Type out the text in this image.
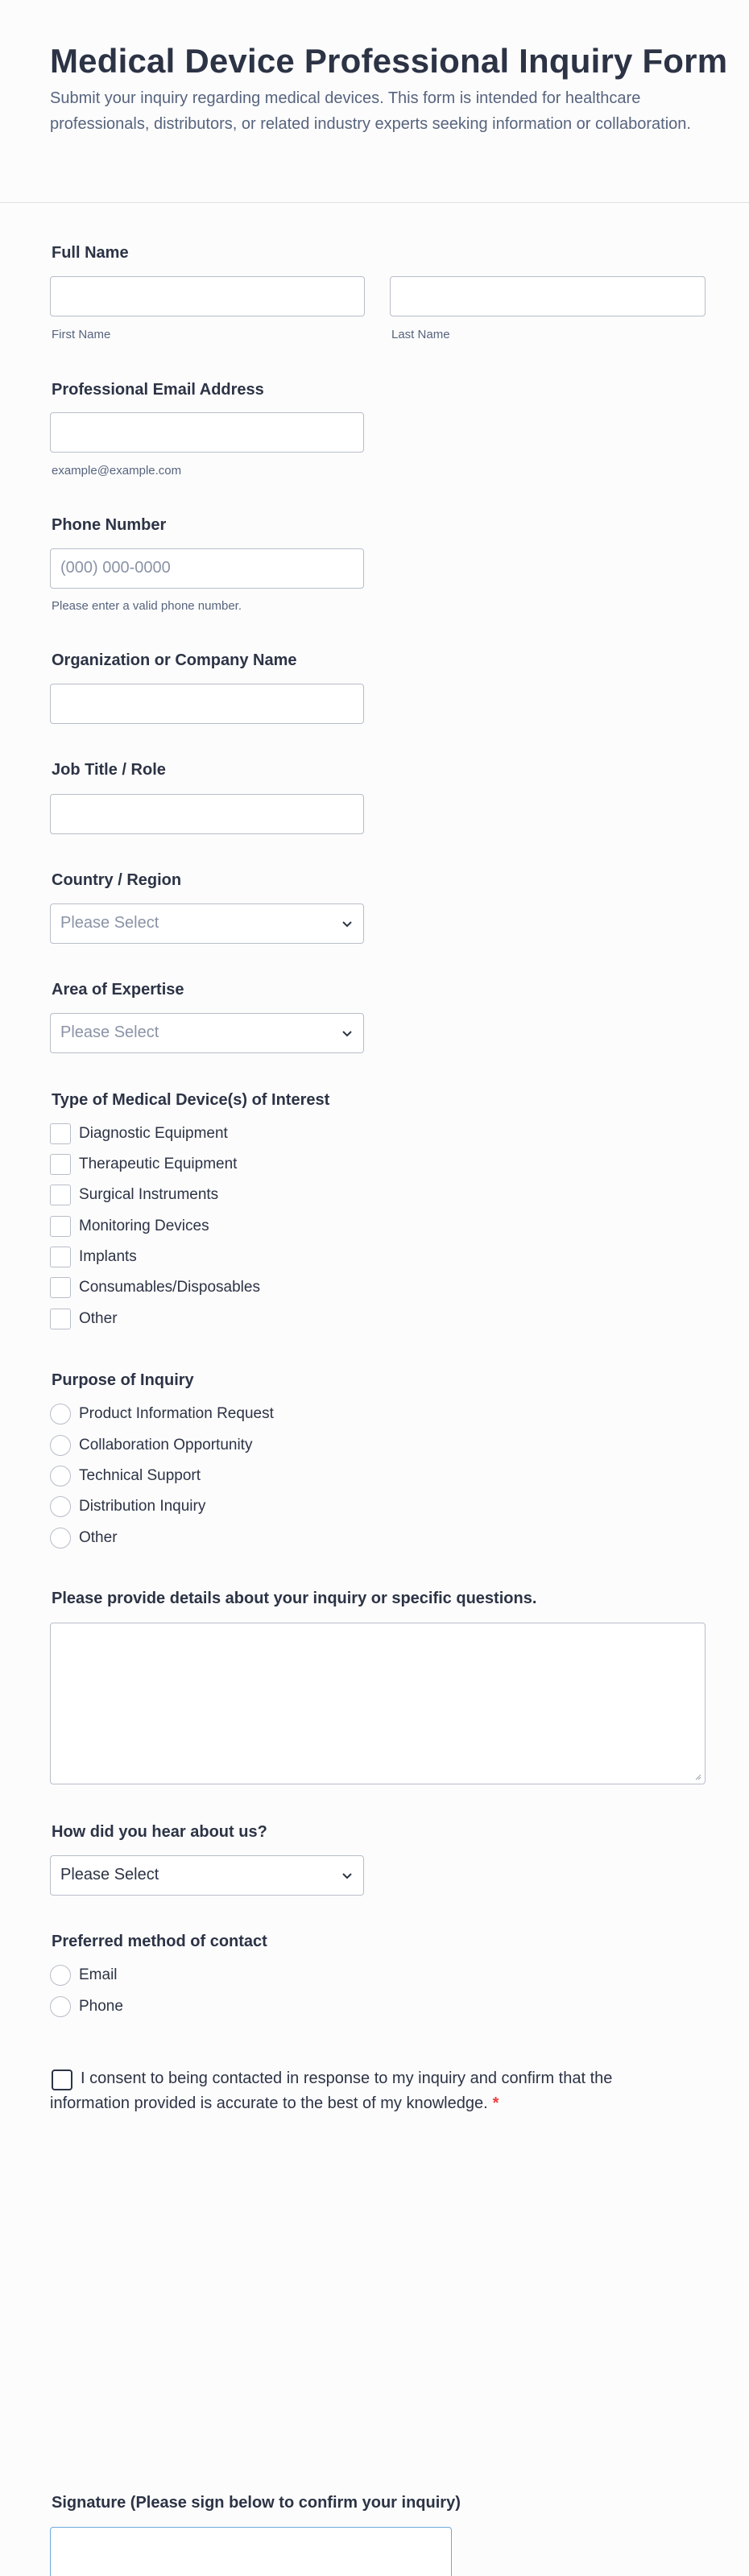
Medical Device Professional Inquiry Form

Submit your inquiry regarding medical devices. This form is intended for healthcare professionals, distributors, or related industry experts seeking information or collaboration.

Full Name
First Name	Last Name
Professional Email Address
example@example.com
Phone Number
(000) 000-0000
Please enter a valid phone number.
Organization or Company Name
Job Title / Role
Country / Region
Please Select
Area of Expertise
Please Select
Type of Medical Device(s) of Interest
Diagnostic Equipment
Therapeutic Equipment
Surgical Instruments
Monitoring Devices
Implants
Consumables/Disposables
Other
Purpose of Inquiry
Product Information Request
Collaboration Opportunity
Technical Support
Distribution Inquiry
Other
Please provide details about your inquiry or specific questions.
How did you hear about us?
Please Select
Preferred method of contact
Email
Phone
I consent to being contacted in response to my inquiry and confirm that the information provided is accurate to the best of my knowledge. *
Signature (Please sign below to confirm your inquiry)
